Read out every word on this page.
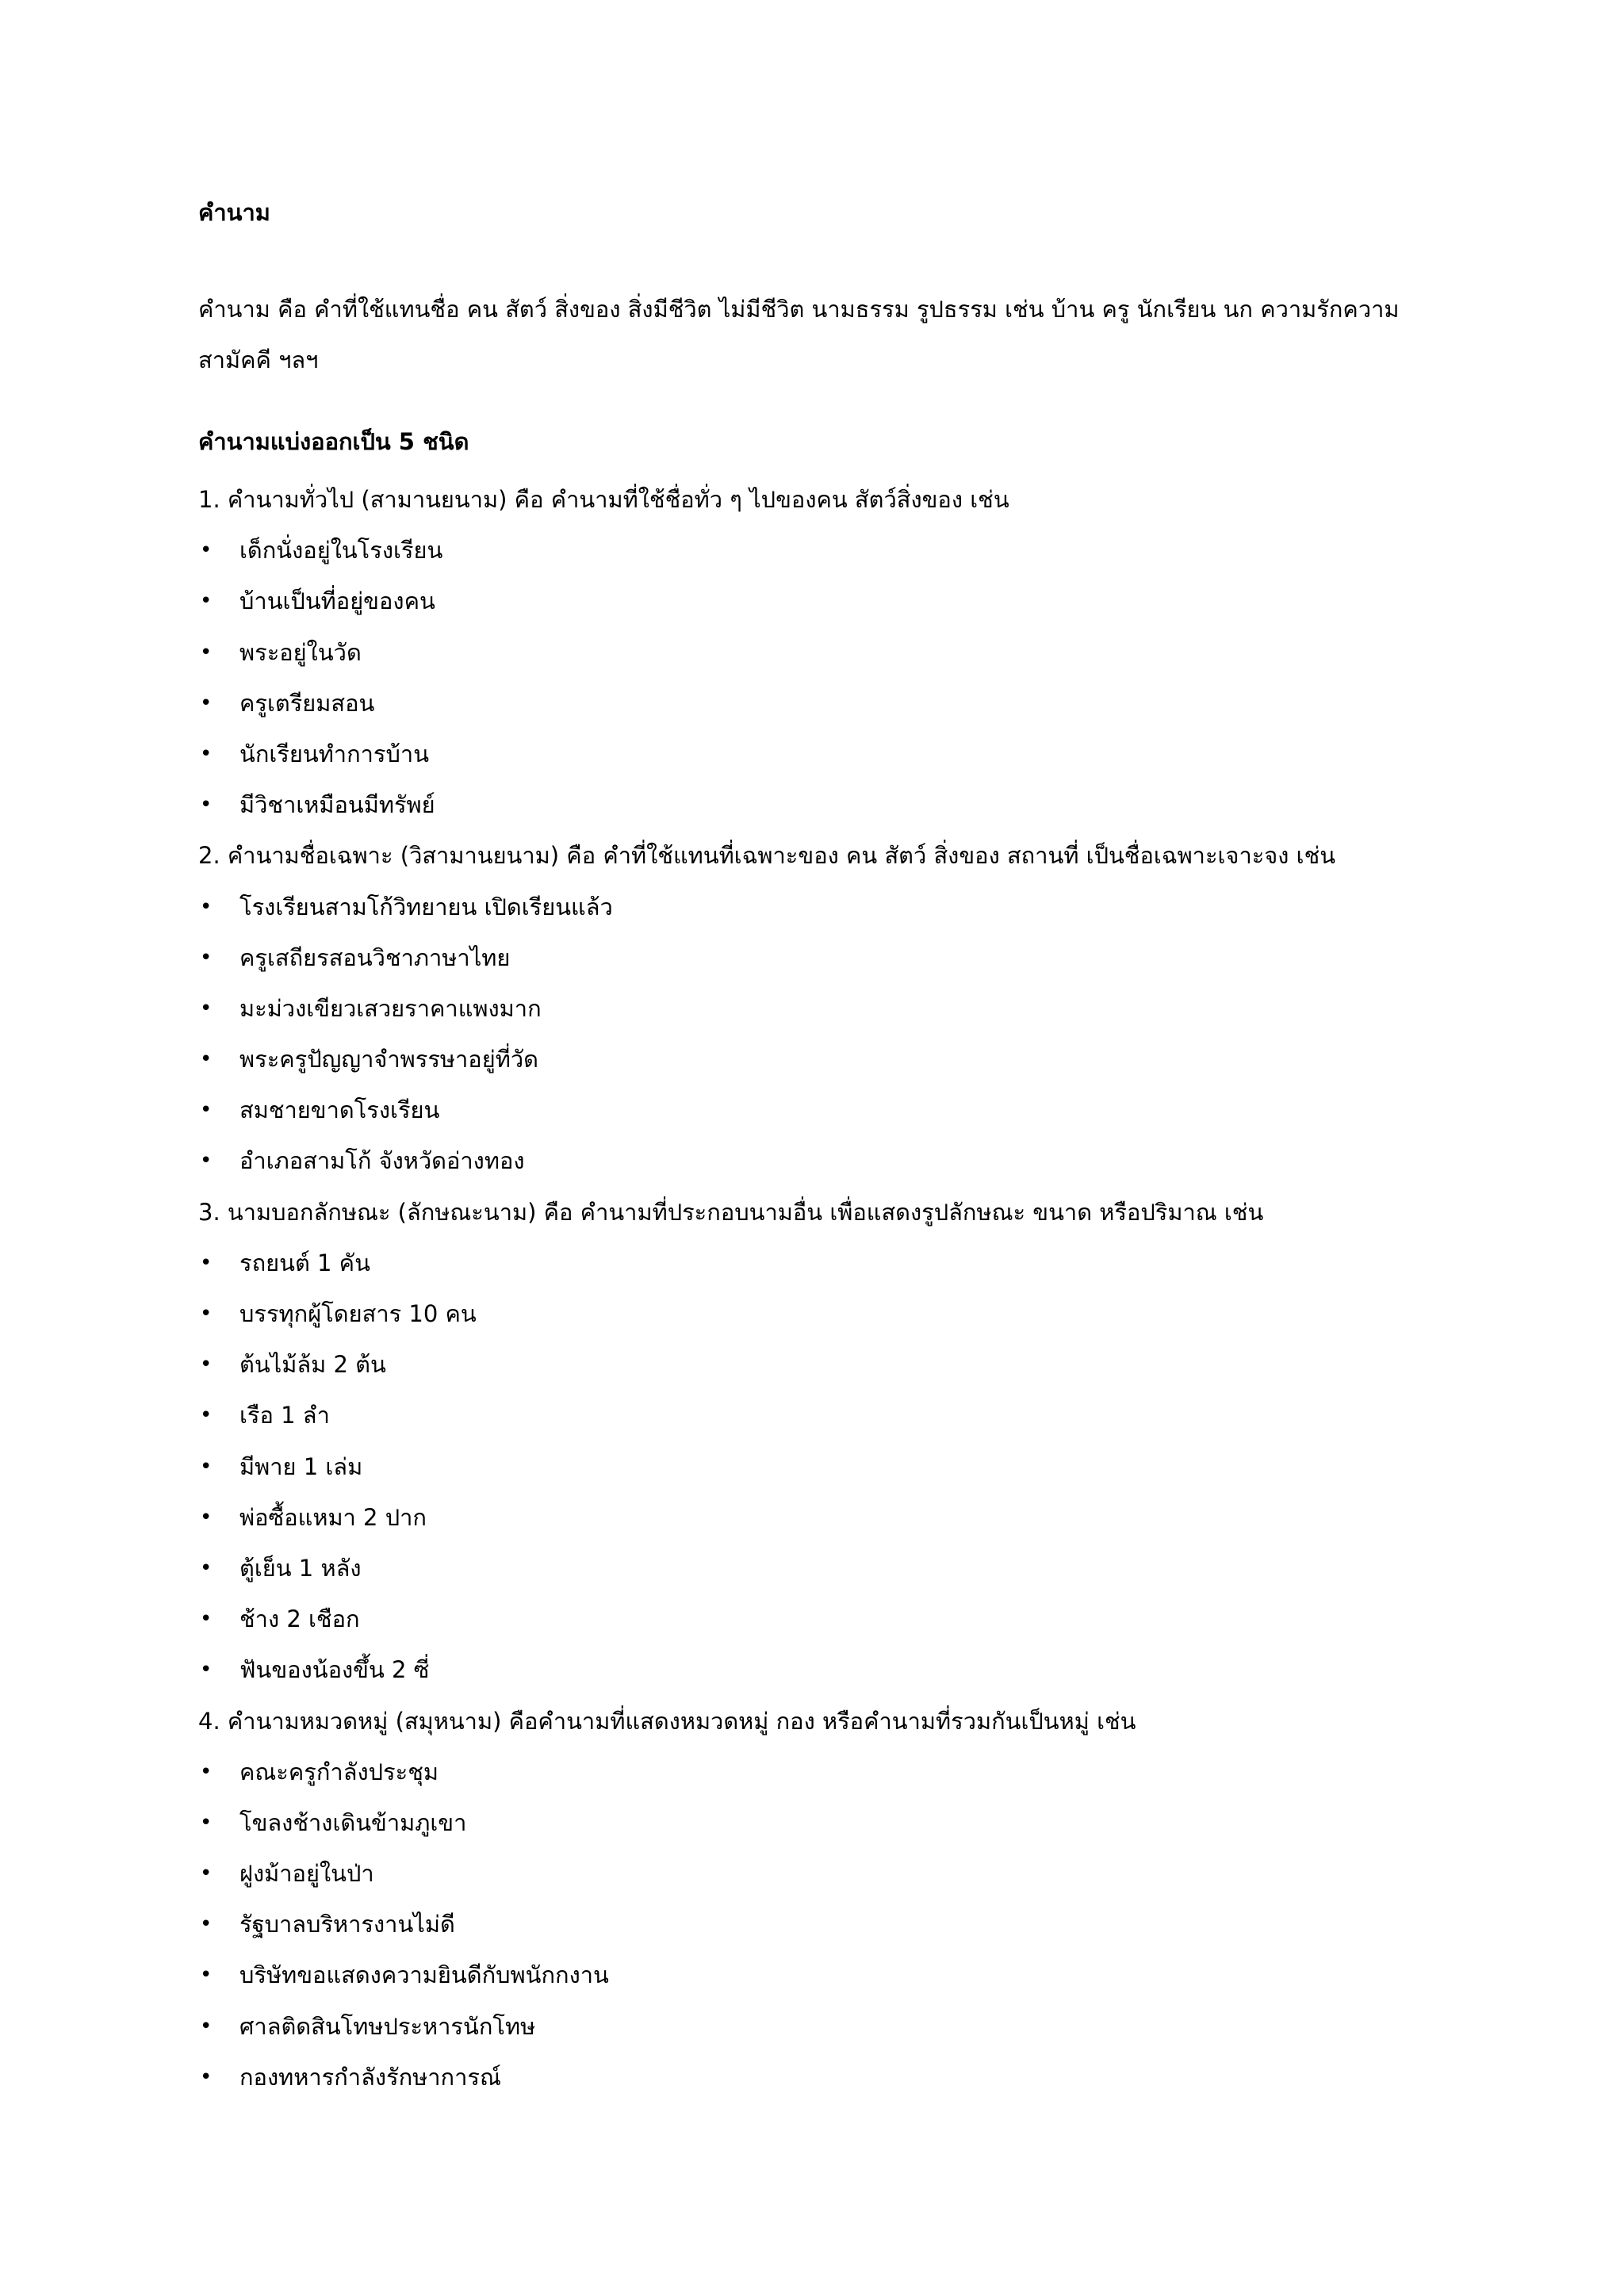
คำนาม
คำนาม คือ คำที่ใช้แทนชื่อ คน สัตว์ สิ่งของ สิ่งมีชีวิต ไม่มีชีวิต นามธรรม รูปธรรม เช่น บ้าน ครู นักเรียน นก ความรักความ
สามัคคี ฯลฯ
คำนามแบ่งออกเป็น 5 ชนิด
1. คำนามทั่วไป (สามานยนาม) คือ คำนามที่ใช้ชื่อทั่ว ๆ ไปของคน สัตว์สิ่งของ เช่น
• เด็กนั่งอยู่ในโรงเรียน
• บ้านเป็นที่อยู่ของคน
• พระอยู่ในวัด
• ครูเตรียมสอน
• นักเรียนทำการบ้าน
• มีวิชาเหมือนมีทรัพย์
2. คำนามชื่อเฉพาะ (วิสามานยนาม) คือ คำที่ใช้แทนที่เฉพาะของ คน สัตว์ สิ่งของ สถานที่ เป็นชื่อเฉพาะเจาะจง เช่น
• โรงเรียนสามโก้วิทยายน เปิดเรียนแล้ว
• ครูเสถียรสอนวิชาภาษาไทย
• มะม่วงเขียวเสวยราคาแพงมาก
• พระครูปัญญาจำพรรษาอยู่ที่วัด
• สมชายขาดโรงเรียน
• อำเภอสามโก้ จังหวัดอ่างทอง
3. นามบอกลักษณะ (ลักษณะนาม) คือ คำนามที่ประกอบนามอื่น เพื่อแสดงรูปลักษณะ ขนาด หรือปริมาณ เช่น
• รถยนต์ 1 คัน
• บรรทุกผู้โดยสาร 10 คน
• ต้นไม้ล้ม 2 ต้น
• เรือ 1 ลำ
• มีพาย 1 เล่ม
• พ่อซื้อแหมา 2 ปาก
• ตู้เย็น 1 หลัง
• ช้าง 2 เชือก
• ฟันของน้องขึ้น 2 ซี่
4. คำนามหมวดหมู่ (สมุหนาม) คือคำนามที่แสดงหมวดหมู่ กอง หรือคำนามที่รวมกันเป็นหมู่ เช่น
• คณะครูกำลังประชุม
• โขลงช้างเดินข้ามภูเขา
• ฝูงม้าอยู่ในป่า
• รัฐบาลบริหารงานไม่ดี
• บริษัทขอแสดงความยินดีกับพนักกงาน
• ศาลติดสินโทษประหารนักโทษ
• กองทหารกำลังรักษาการณ์
